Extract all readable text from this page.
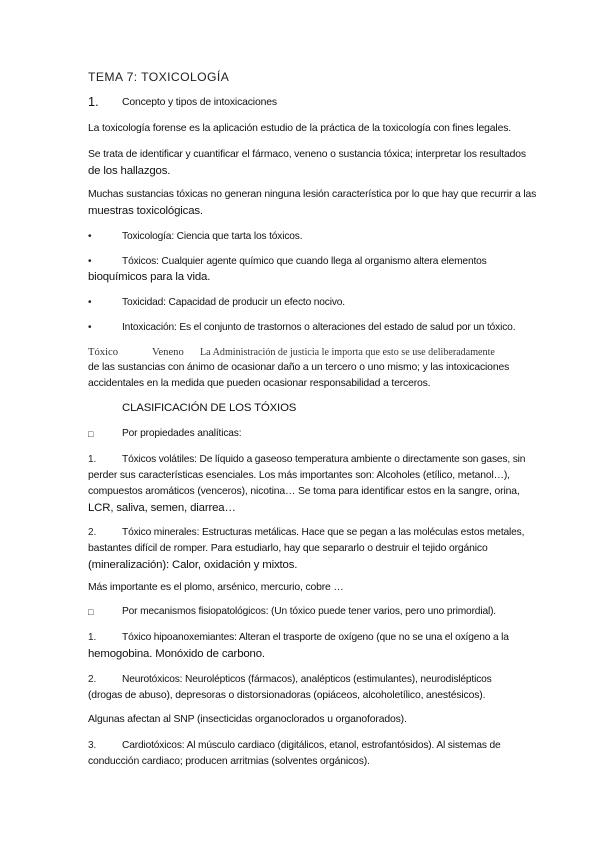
TEMA 7: TOXICOLOGÍA
1. Concepto y tipos de intoxicaciones
La toxicología forense es la aplicación estudio de la práctica de la toxicología con fines legales.
Se trata de identificar y cuantificar el fármaco, veneno o sustancia tóxica; interpretar los resultados
de los hallazgos.
Muchas sustancias tóxicas no generan ninguna lesión característica por lo que hay que recurrir a las
muestras toxicológicas.
•	Toxicología: Ciencia que tarta los tóxicos.
•	Tóxicos: Cualquier agente químico que cuando llega al organismo altera elementos
bioquímicos para la vida.
•	Toxicidad: Capacidad de producir un efecto nocivo.
•	Intoxicación: Es el conjunto de trastornos o alteraciones del estado de salud por un tóxico.
Tóxico	Veneno La Administración de justicia le importa que esto se use deliberadamente
de las sustancias con ánimo de ocasionar daño a un tercero o uno mismo; y las intoxicaciones
accidentales en la medida que pueden ocasionar responsabilidad a terceros.
CLASIFICACIÓN DE LOS TÓXIOS
□	Por propiedades analíticas:
1.	Tóxicos volátiles: De líquido a gaseoso temperatura ambiente o directamente son gases, sin
perder sus características esenciales. Los más importantes son: Alcoholes (etílico, metanol…),
compuestos aromáticos (venceros), nicotina… Se toma para identificar estos en la sangre, orina,
LCR, saliva, semen, diarrea…
2.	Tóxico minerales: Estructuras metálicas. Hace que se pegan a las moléculas estos metales,
bastantes difícil de romper. Para estudiarlo, hay que separarlo o destruir el tejido orgánico
(mineralización): Calor, oxidación y mixtos.
Más importante es el plomo, arsénico, mercurio, cobre …
□	Por mecanismos fisiopatológicos: (Un tóxico puede tener varios, pero uno primordial).
1.	Tóxico hipoanoxemiantes: Alteran el trasporte de oxígeno (que no se una el oxígeno a la
hemogobina. Monóxido de carbono.
2.	Neurotóxicos: Neurolépticos (fármacos), analépticos (estimulantes), neurodislépticos
(drogas de abuso), depresoras o distorsionadoras (opiáceos, alcoholetílico, anestésicos).
Algunas afectan al SNP (insecticidas organoclorados u organoforados).
3.	Cardiotóxicos: Al músculo cardiaco (digitálicos, etanol, estrofantósidos). Al sistemas de
conducción cardiaco; producen arritmias (solventes orgánicos).
